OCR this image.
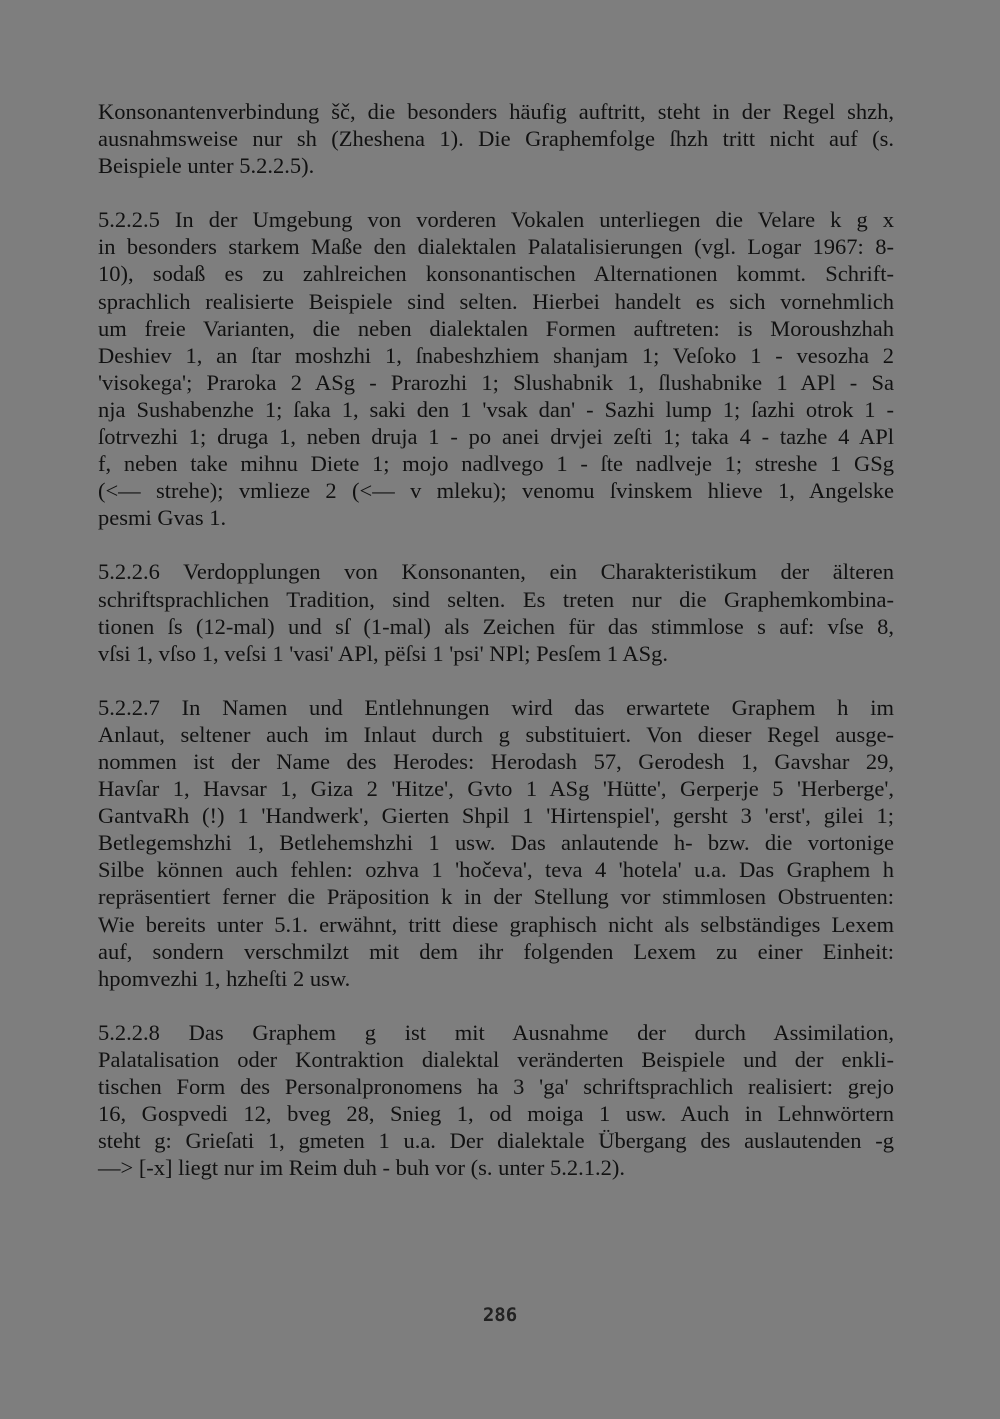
Konsonantenverbindung šč, die besonders häufig auftritt, steht in der Regel shzh,
ausnahmsweise nur sh (Zheshena 1). Die Graphemfolge ſhzh tritt nicht auf (s.
Beispiele unter 5.2.2.5).
5.2.2.5 In der Umgebung von vorderen Vokalen unterliegen die Velare k g x
in besonders starkem Maße den dialektalen Palatalisierungen (vgl. Logar 1967: 8-
10), sodaß es zu zahlreichen konsonantischen Alternationen kommt. Schrift-
sprachlich realisierte Beispiele sind selten. Hierbei handelt es sich vornehmlich
um freie Varianten, die neben dialektalen Formen auftreten: is Moroushzhah
Deshiev 1, an ſtar moshzhi 1, ſnabeshzhiem shanjam 1; Veſoko 1 - vesozha 2
'visokega'; Praroka 2 ASg - Prarozhi 1; Slushabnik 1, ſlushabnike 1 APl - Sa
nja Sushabenzhe 1; ſaka 1, saki den 1 'vsak dan' - Sazhi lump 1; ſazhi otrok 1 -
ſotrvezhi 1; druga 1, neben druja 1 - po anei drvjei zeſti 1; taka 4 - tazhe 4 APl
f, neben take mihnu Diete 1; mojo nadlvego 1 - ſte nadlveje 1; streshe 1 GSg
(<— strehe); vmlieze 2 (<— v mleku); venomu ſvinskem hlieve 1, Angelske
pesmi Gvas 1.
5.2.2.6 Verdopplungen von Konsonanten, ein Charakteristikum der älteren
schriftsprachlichen Tradition, sind selten. Es treten nur die Graphemkombina-
tionen ſs (12-mal) und sſ (1-mal) als Zeichen für das stimmlose s auf: vſse 8,
vſsi 1, vſso 1, veſsi 1 'vasi' APl, pëſsi 1 'psi' NPl; Pesſem 1 ASg.
5.2.2.7 In Namen und Entlehnungen wird das erwartete Graphem h im
Anlaut, seltener auch im Inlaut durch g substituiert. Von dieser Regel ausge-
nommen ist der Name des Herodes: Herodash 57, Gerodesh 1, Gavshar 29,
Havſar 1, Havsar 1, Giza 2 'Hitze', Gvto 1 ASg 'Hütte', Gerperje 5 'Herberge',
GantvaRh (!) 1 'Handwerk', Gierten Shpil 1 'Hirtenspiel', gersht 3 'erst', gilei 1;
Betlegemshzhi 1, Betlehemshzhi 1 usw. Das anlautende h- bzw. die vortonige
Silbe können auch fehlen: ozhva 1 'hočeva', teva 4 'hotela' u.a. Das Graphem h
repräsentiert ferner die Präposition k in der Stellung vor stimmlosen Obstruenten:
Wie bereits unter 5.1. erwähnt, tritt diese graphisch nicht als selbständiges Lexem
auf, sondern verschmilzt mit dem ihr folgenden Lexem zu einer Einheit:
hpomvezhi 1, hzheſti 2 usw.
5.2.2.8 Das Graphem g ist mit Ausnahme der durch Assimilation,
Palatalisation oder Kontraktion dialektal veränderten Beispiele und der enkli-
tischen Form des Personalpronomens ha 3 'ga' schriftsprachlich realisiert: grejo
16, Gospvedi 12, bveg 28, Snieg 1, od moiga 1 usw. Auch in Lehnwörtern
steht g: Grieſati 1, gmeten 1 u.a. Der dialektale Übergang des auslautenden -g
—> [-x] liegt nur im Reim duh - buh vor (s. unter 5.2.1.2).
286
